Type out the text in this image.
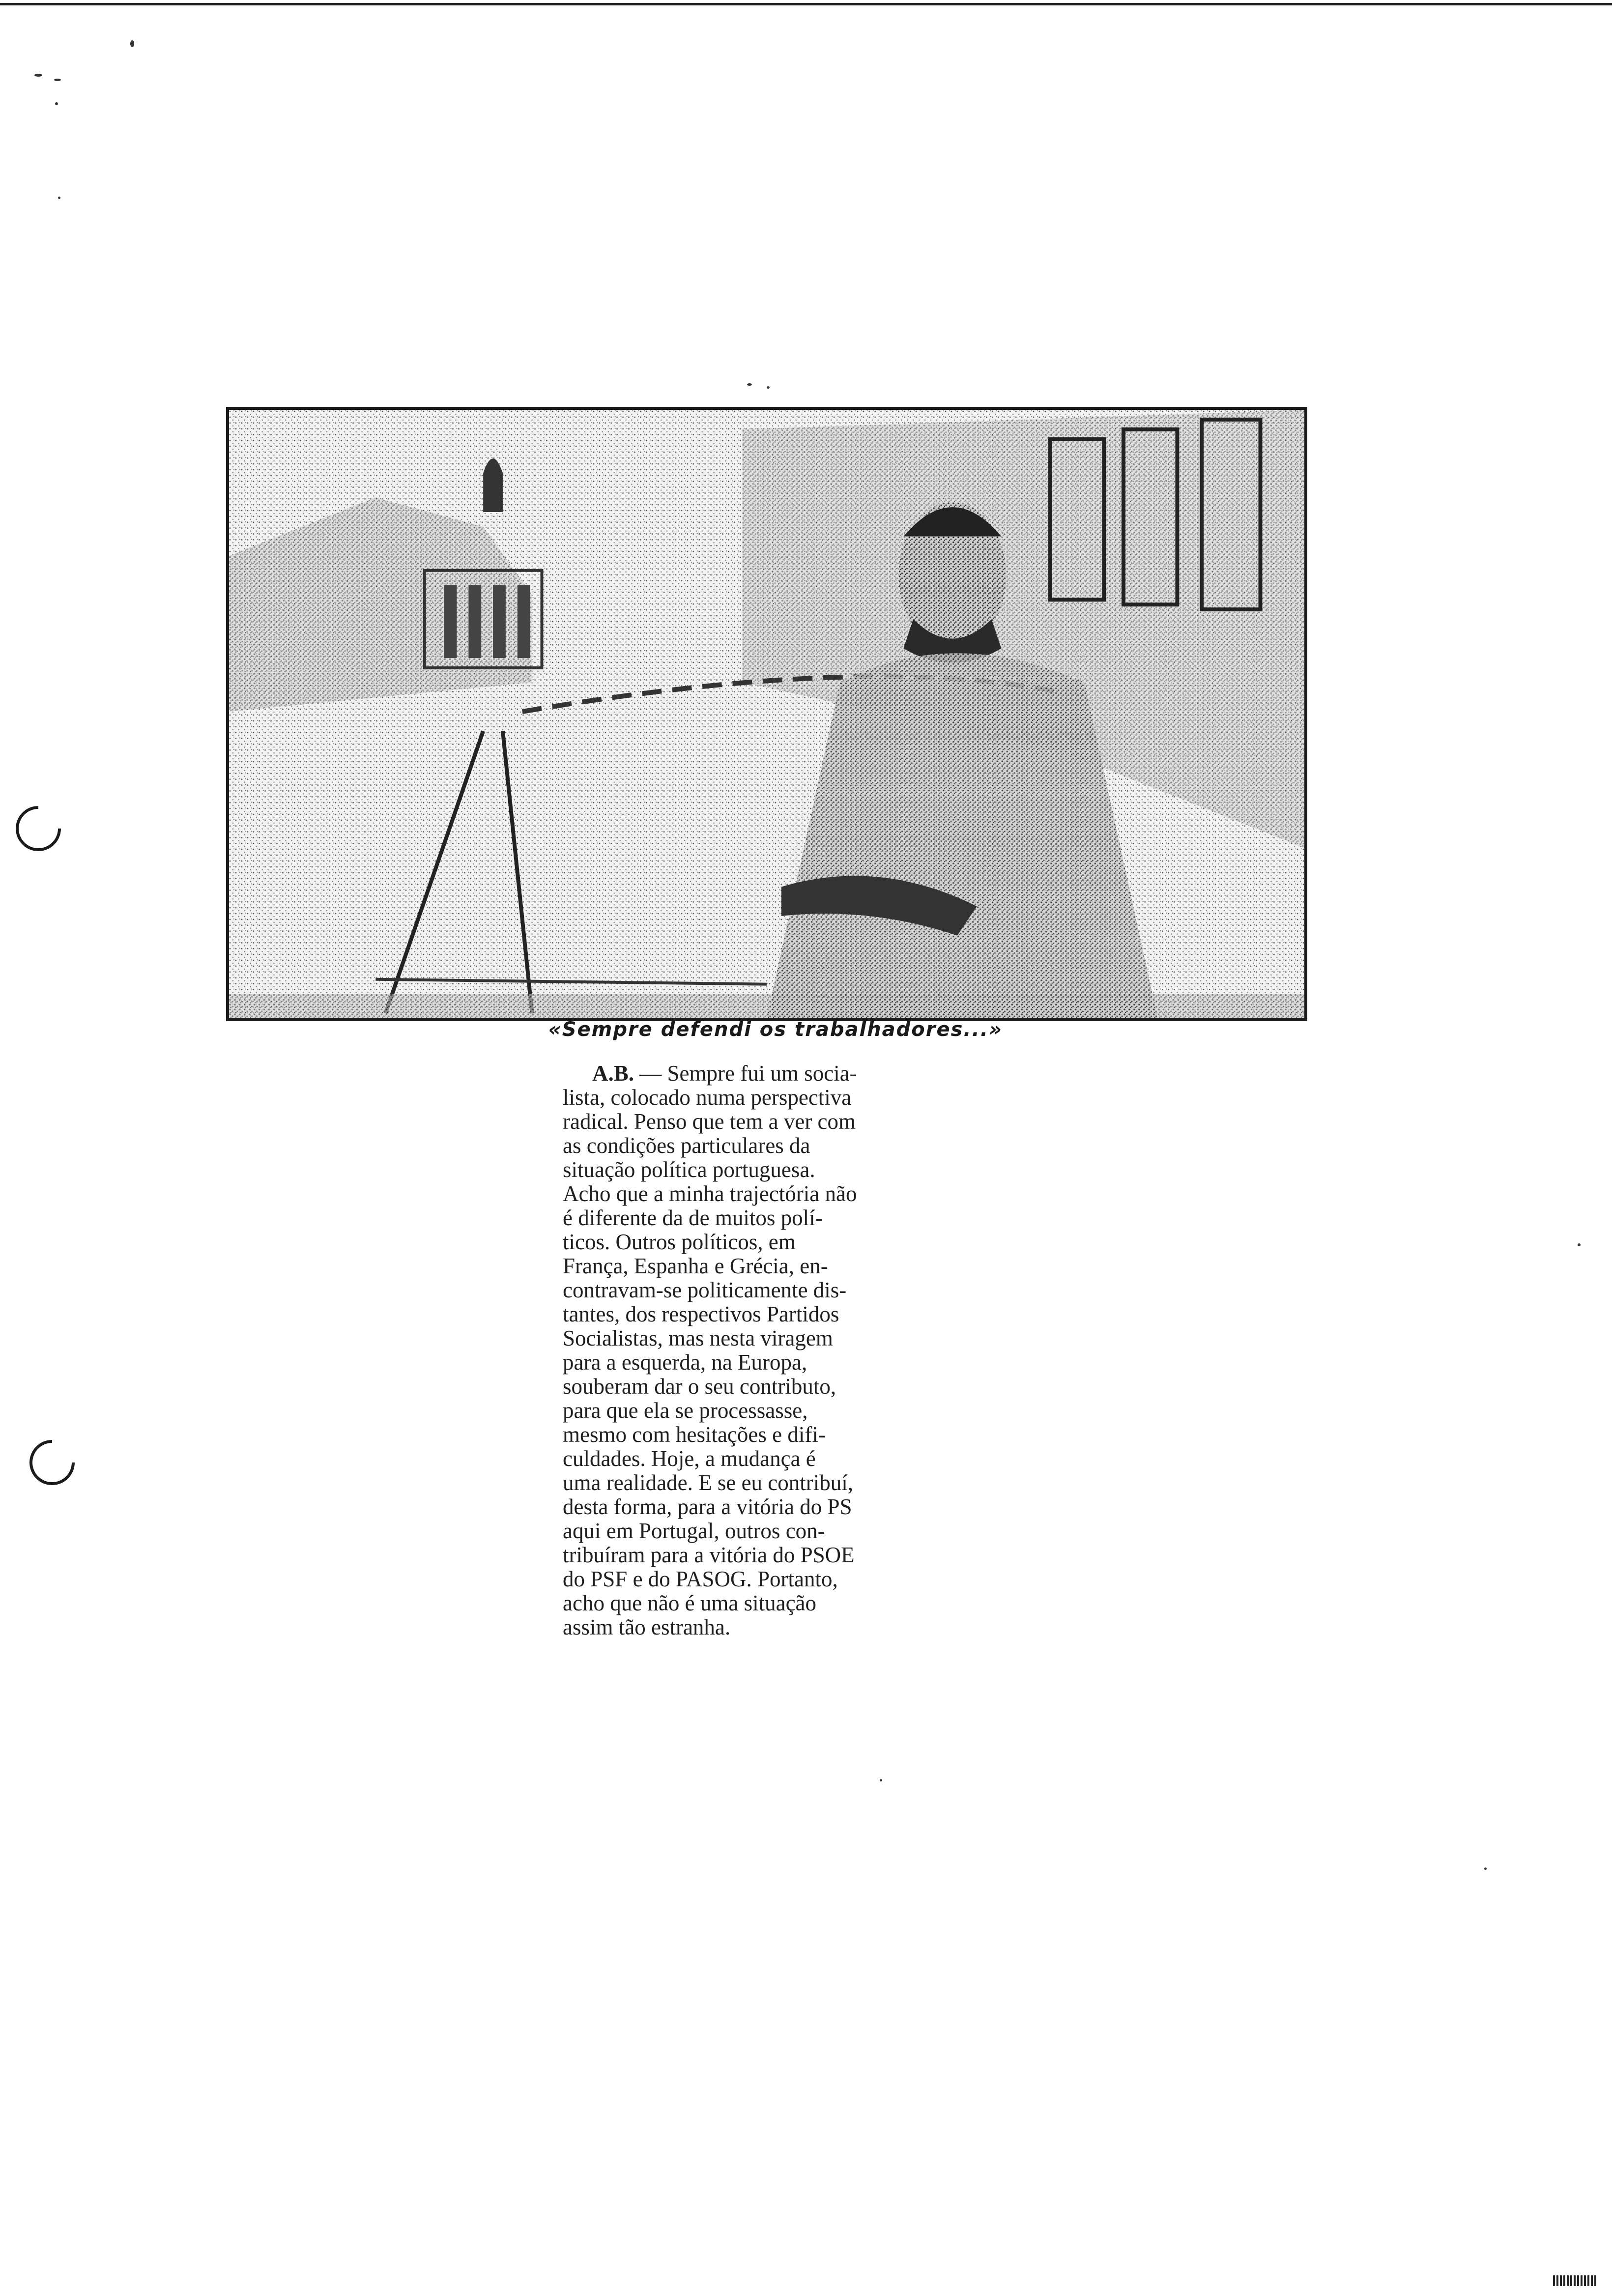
«Sempre defendi os trabalhadores...»
A.B. — Sempre fui um socia-
lista, colocado numa perspectiva
radical. Penso que tem a ver com
as condições particulares da
situação política portuguesa.
Acho que a minha trajectória não
é diferente da de muitos polí-
ticos. Outros políticos, em
França, Espanha e Grécia, en-
contravam-se politicamente dis-
tantes, dos respectivos Partidos
Socialistas, mas nesta viragem
para a esquerda, na Europa,
souberam dar o seu contributo,
para que ela se processasse,
mesmo com hesitações e difi-
culdades. Hoje, a mudança é
uma realidade. E se eu contribuí,
desta forma, para a vitória do PS
aqui em Portugal, outros con-
tribuíram para a vitória do PSOE
do PSF e do PASOG. Portanto,
acho que não é uma situação
assim tão estranha.
